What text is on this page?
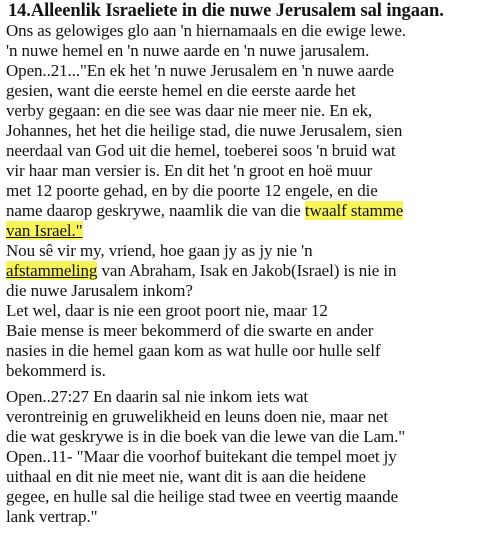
14.Alleenlik Israeliete in die nuwe Jerusalem sal ingaan.
Ons as gelowiges glo aan 'n hiernamaals en die ewige lewe.
'n nuwe hemel en 'n nuwe aarde en 'n nuwe jarusalem.
Open..21..."En ek het 'n nuwe Jerusalem en 'n nuwe aarde
gesien, want die eerste hemel en die eerste aarde het
verby gegaan: en die see was daar nie meer nie. En ek,
Johannes, het het die heilige stad, die nuwe Jerusalem, sien
neerdaal van God uit die hemel, toeberei soos 'n bruid wat
vir haar man versier is. En dit het 'n groot en hoë muur
met 12 poorte gehad, en by die poorte 12 engele, en die
name daarop geskrywe, naamlik die van die twaalf stamme
van Israel."
Nou sê vir my, vriend, hoe gaan jy as jy nie 'n
afstammeling van Abraham, Isak en Jakob(Israel) is nie in
die nuwe Jarusalem inkom?
Let wel, daar is nie een groot poort nie, maar 12
Baie mense is meer bekommerd of die swarte en ander
nasies in die hemel gaan kom as wat hulle oor hulle self
bekommerd is.
Open..27:27 En daarin sal nie inkom iets wat
verontreinig en gruwelikheid en leuns doen nie, maar net
die wat geskrywe is in die boek van die lewe van die Lam."
Open..11- "Maar die voorhof buitekant die tempel moet jy
uithaal en dit nie meet nie, want dit is aan die heidene
gegee, en hulle sal die heilige stad twee en veertig maande
lank vertrap."
